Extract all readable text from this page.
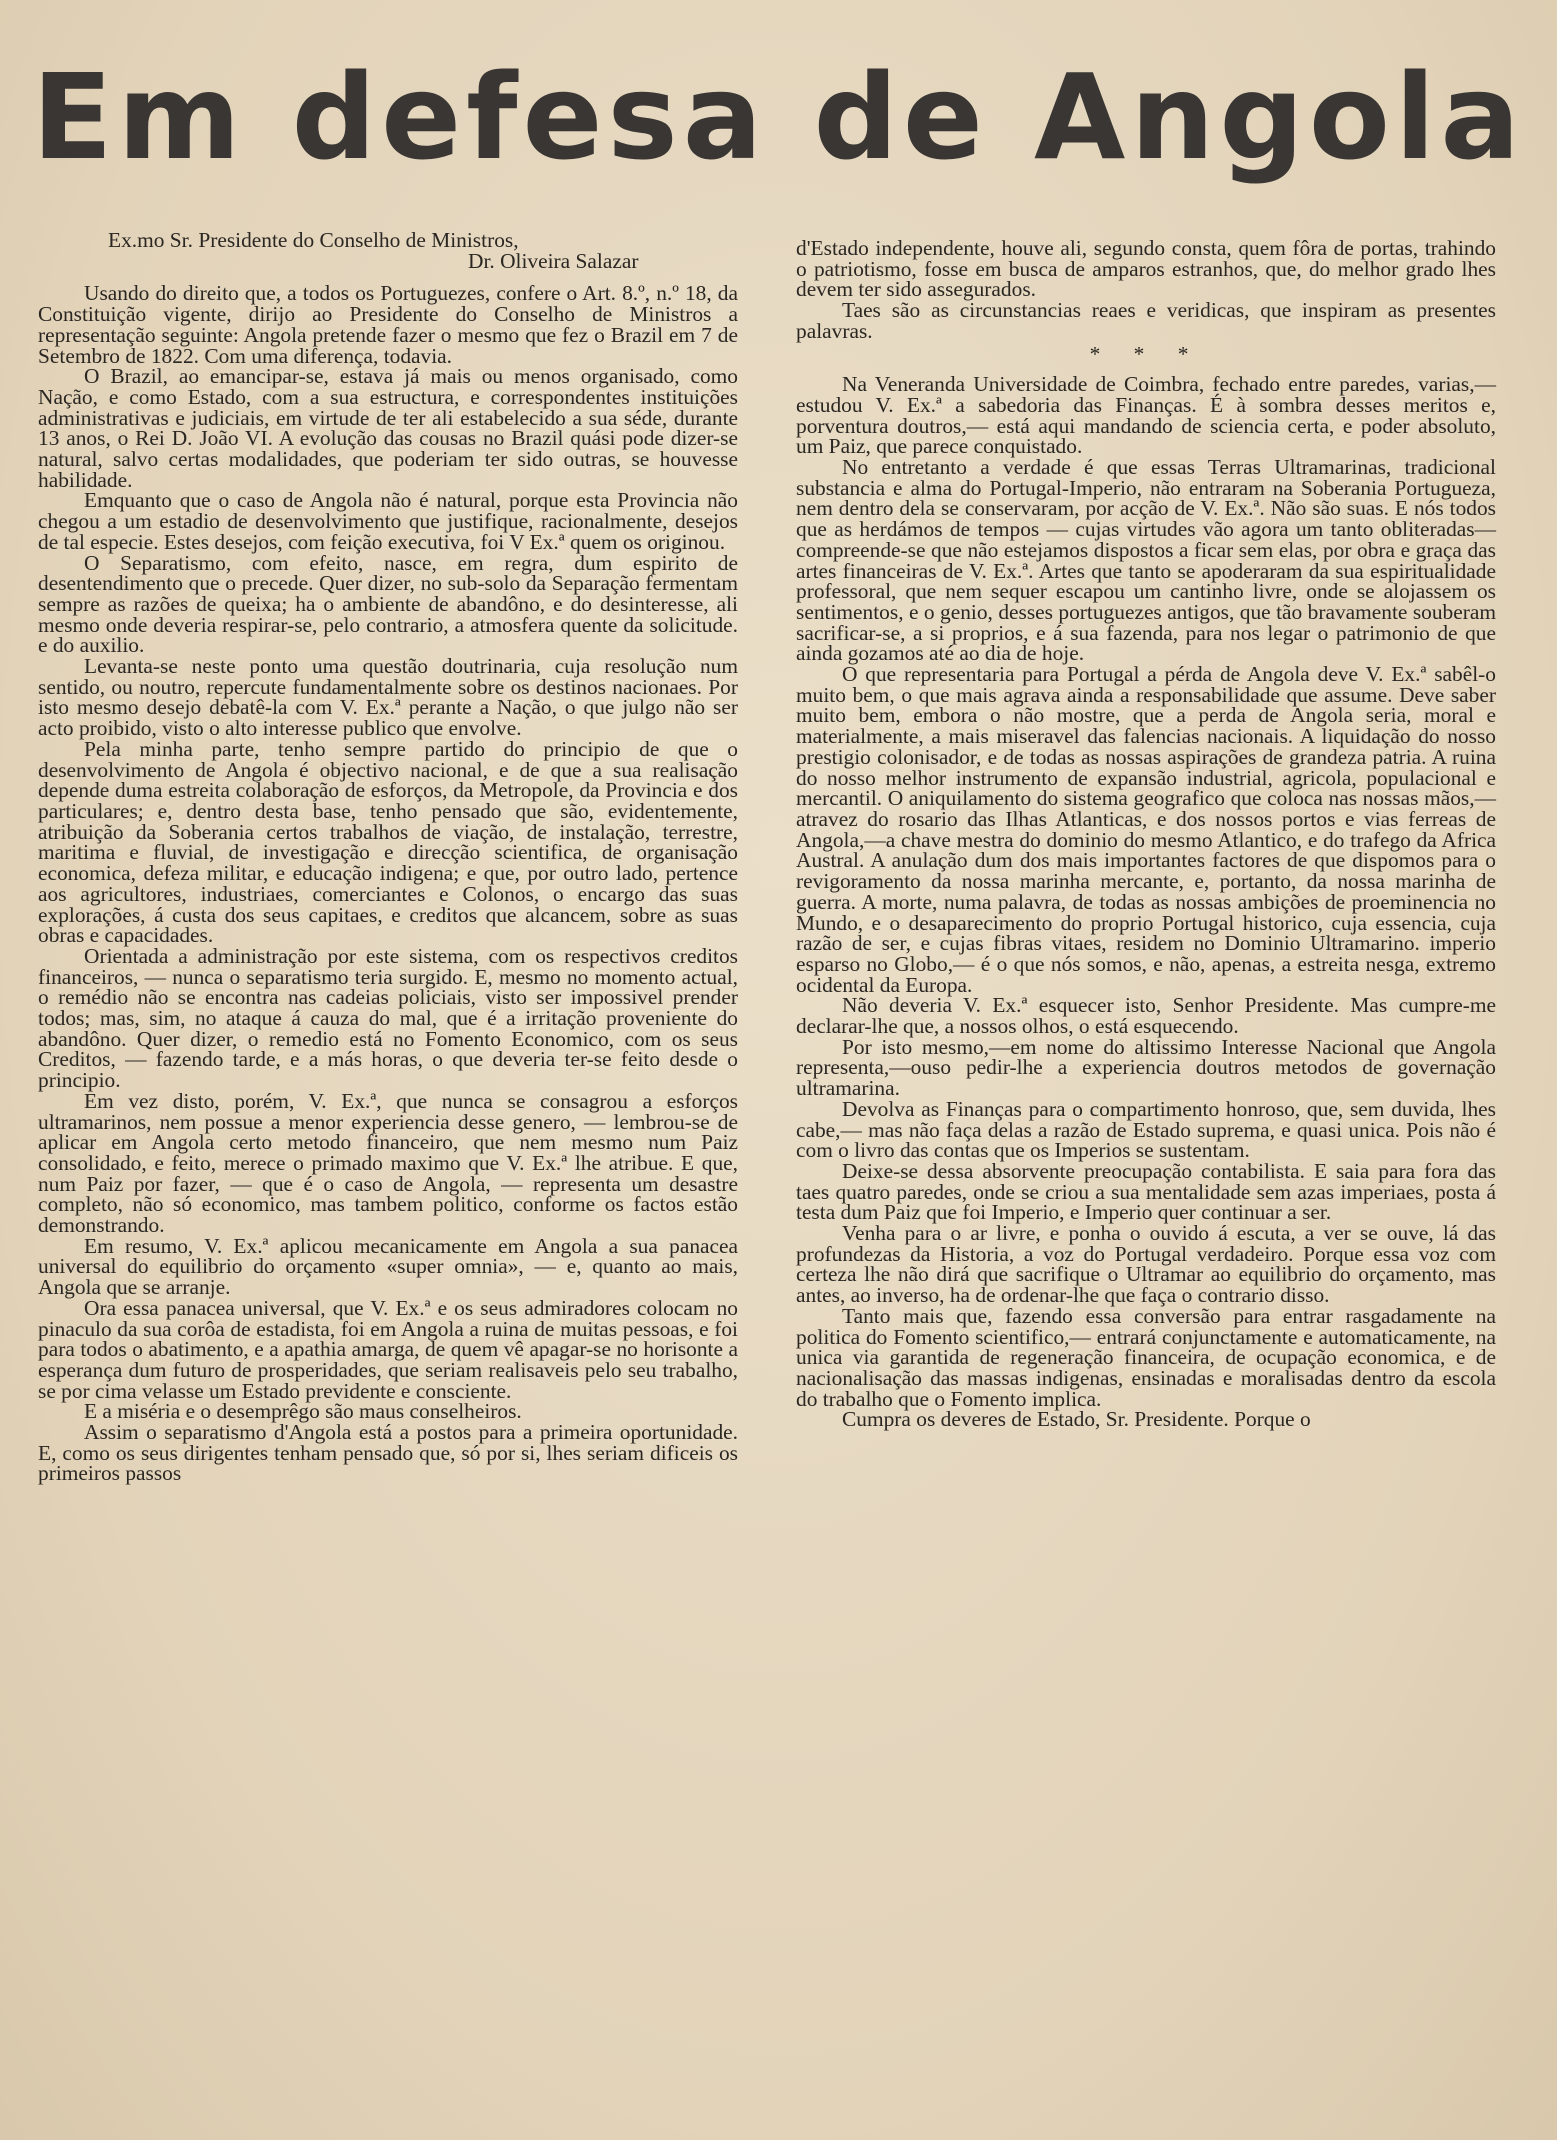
Em defesa de Angola

Ex.mo Sr. Presidente do Conselho de Ministros,

Dr. Oliveira Salazar

Usando do direito que, a todos os Portuguezes, confere o Art. 8.º, n.º 18, da Constituição vigente, dirijo ao Presidente do Conselho de Ministros a representação seguinte: Angola pretende fazer o mesmo que fez o Brazil em 7 de Setembro de 1822. Com uma diferença, todavia.

O Brazil, ao emancipar-se, estava já mais ou menos organisado, como Nação, e como Estado, com a sua estructura, e correspondentes instituições administrativas e judiciais, em virtude de ter ali estabelecido a sua séde, durante 13 anos, o Rei D. João VI. A evolução das cousas no Brazil quási pode dizer-se natural, salvo certas modalidades, que poderiam ter sido outras, se houvesse habilidade.

Emquanto que o caso de Angola não é natural, porque esta Provincia não chegou a um estadio de desenvolvimento que justifique, racionalmente, desejos de tal especie. Estes desejos, com feição executiva, foi V Ex.ª quem os originou.

O Separatismo, com efeito, nasce, em regra, dum espirito de desentendimento que o precede. Quer dizer, no sub-solo da Separação fermentam sempre as razões de queixa; ha o ambiente de abandôno, e do desinteresse, ali mesmo onde deveria respirar-se, pelo contrario, a atmosfera quente da solicitude. e do auxilio.

Levanta-se neste ponto uma questão doutrinaria, cuja resolução num sentido, ou noutro, repercute fundamentalmente sobre os destinos nacionaes. Por isto mesmo desejo debatê-la com V. Ex.ª perante a Nação, o que julgo não ser acto proibido, visto o alto interesse publico que envolve.

Pela minha parte, tenho sempre partido do principio de que o desenvolvimento de Angola é objectivo nacional, e de que a sua realisação depende duma estreita colaboração de esforços, da Metropole, da Provincia e dos particulares; e, dentro desta base, tenho pensado que são, evidentemente, atribuição da Soberania certos trabalhos de viação, de instalação, terrestre, maritima e fluvial, de investigação e direcção scientifica, de organisação economica, defeza militar, e educação indigena; e que, por outro lado, pertence aos agricultores, industriaes, comerciantes e Colonos, o encargo das suas explorações, á custa dos seus capitaes, e creditos que alcancem, sobre as suas obras e capacidades.

Orientada a administração por este sistema, com os respectivos creditos financeiros, — nunca o separatismo teria surgido. E, mesmo no momento actual, o remédio não se encontra nas cadeias policiais, visto ser impossivel prender todos; mas, sim, no ataque á cauza do mal, que é a irritação proveniente do abandôno. Quer dizer, o remedio está no Fomento Economico, com os seus Creditos, — fazendo tarde, e a más horas, o que deveria ter-se feito desde o principio.

Em vez disto, porém, V. Ex.ª, que nunca se consagrou a esforços ultramarinos, nem possue a menor experiencia desse genero, — lembrou-se de aplicar em Angola certo metodo financeiro, que nem mesmo num Paiz consolidado, e feito, merece o primado maximo que V. Ex.ª lhe atribue. E que, num Paiz por fazer, — que é o caso de Angola, — representa um desastre completo, não só economico, mas tambem politico, conforme os factos estão demonstrando.

Em resumo, V. Ex.ª aplicou mecanicamente em Angola a sua panacea universal do equilibrio do orçamento «super omnia», — e, quanto ao mais, Angola que se arranje.

Ora essa panacea universal, que V. Ex.ª e os seus admiradores colocam no pinaculo da sua corôa de estadista, foi em Angola a ruina de muitas pessoas, e foi para todos o abatimento, e a apathia amarga, de quem vê apagar-se no horisonte a esperança dum futuro de prosperidades, que seriam realisaveis pelo seu trabalho, se por cima velasse um Estado previdente e consciente.

E a miséria e o desemprêgo são maus conselheiros.

Assim o separatismo d'Angola está a postos para a primeira oportunidade. E, como os seus dirigentes tenham pensado que, só por si, lhes seriam dificeis os primeiros passos

d'Estado independente, houve ali, segundo consta, quem fôra de portas, trahindo o patriotismo, fosse em busca de amparos estranhos, que, do melhor grado lhes devem ter sido assegurados.

Taes são as circunstancias reaes e veridicas, que inspiram as presentes palavras.

* * *

Na Veneranda Universidade de Coimbra, fechado entre paredes, varias,— estudou V. Ex.ª a sabedoria das Finanças. É à sombra desses meritos e, porventura doutros,— está aqui mandando de sciencia certa, e poder absoluto, um Paiz, que parece conquistado.

No entretanto a verdade é que essas Terras Ultramarinas, tradicional substancia e alma do Portugal-Imperio, não entraram na Soberania Portugueza, nem dentro dela se conservaram, por acção de V. Ex.ª. Não são suas. E nós todos que as herdámos de tempos — cujas virtudes vão agora um tanto obliteradas— compreende-se que não estejamos dispostos a ficar sem elas, por obra e graça das artes financeiras de V. Ex.ª. Artes que tanto se apoderaram da sua espiritualidade professoral, que nem sequer escapou um cantinho livre, onde se alojassem os sentimentos, e o genio, desses portuguezes antigos, que tão bravamente souberam sacrificar-se, a si proprios, e á sua fazenda, para nos legar o patrimonio de que ainda gozamos até ao dia de hoje.

O que representaria para Portugal a pérda de Angola deve V. Ex.ª sabêl-o muito bem, o que mais agrava ainda a responsabilidade que assume. Deve saber muito bem, embora o não mostre, que a perda de Angola seria, moral e materialmente, a mais miseravel das falencias nacionais. A liquidação do nosso prestigio colonisador, e de todas as nossas aspirações de grandeza patria. A ruina do nosso melhor instrumento de expansão industrial, agricola, populacional e mercantil. O aniquilamento do sistema geografico que coloca nas nossas mãos,— atravez do rosario das Ilhas Atlanticas, e dos nossos portos e vias ferreas de Angola,—a chave mestra do dominio do mesmo Atlantico, e do trafego da Africa Austral. A anulação dum dos mais importantes factores de que dispomos para o revigoramento da nossa marinha mercante, e, portanto, da nossa marinha de guerra. A morte, numa palavra, de todas as nossas ambições de proeminencia no Mundo, e o desaparecimento do proprio Portugal historico, cuja essencia, cuja razão de ser, e cujas fibras vitaes, residem no Dominio Ultramarino. imperio esparso no Globo,— é o que nós somos, e não, apenas, a estreita nesga, extremo ocidental da Europa.

Não deveria V. Ex.ª esquecer isto, Senhor Presidente. Mas cumpre-me declarar-lhe que, a nossos olhos, o está esquecendo.

Por isto mesmo,—em nome do altissimo Interesse Nacional que Angola representa,—ouso pedir-lhe a experiencia doutros metodos de governação ultramarina.

Devolva as Finanças para o compartimento honroso, que, sem duvida, lhes cabe,— mas não faça delas a razão de Estado suprema, e quasi unica. Pois não é com o livro das contas que os Imperios se sustentam.

Deixe-se dessa absorvente preocupação contabilista. E saia para fora das taes quatro paredes, onde se criou a sua mentalidade sem azas imperiaes, posta á testa dum Paiz que foi Imperio, e Imperio quer continuar a ser.

Venha para o ar livre, e ponha o ouvido á escuta, a ver se ouve, lá das profundezas da Historia, a voz do Portugal verdadeiro. Porque essa voz com certeza lhe não dirá que sacrifique o Ultramar ao equilibrio do orçamento, mas antes, ao inverso, ha de ordenar-lhe que faça o contrario disso.

Tanto mais que, fazendo essa conversão para entrar rasgadamente na politica do Fomento scientifico,— entrará conjunctamente e automaticamente, na unica via garantida de regeneração financeira, de ocupação economica, e de nacionalisação das massas indigenas, ensinadas e moralisadas dentro da escola do trabalho que o Fomento implica.

Cumpra os deveres de Estado, Sr. Presidente. Porque o
